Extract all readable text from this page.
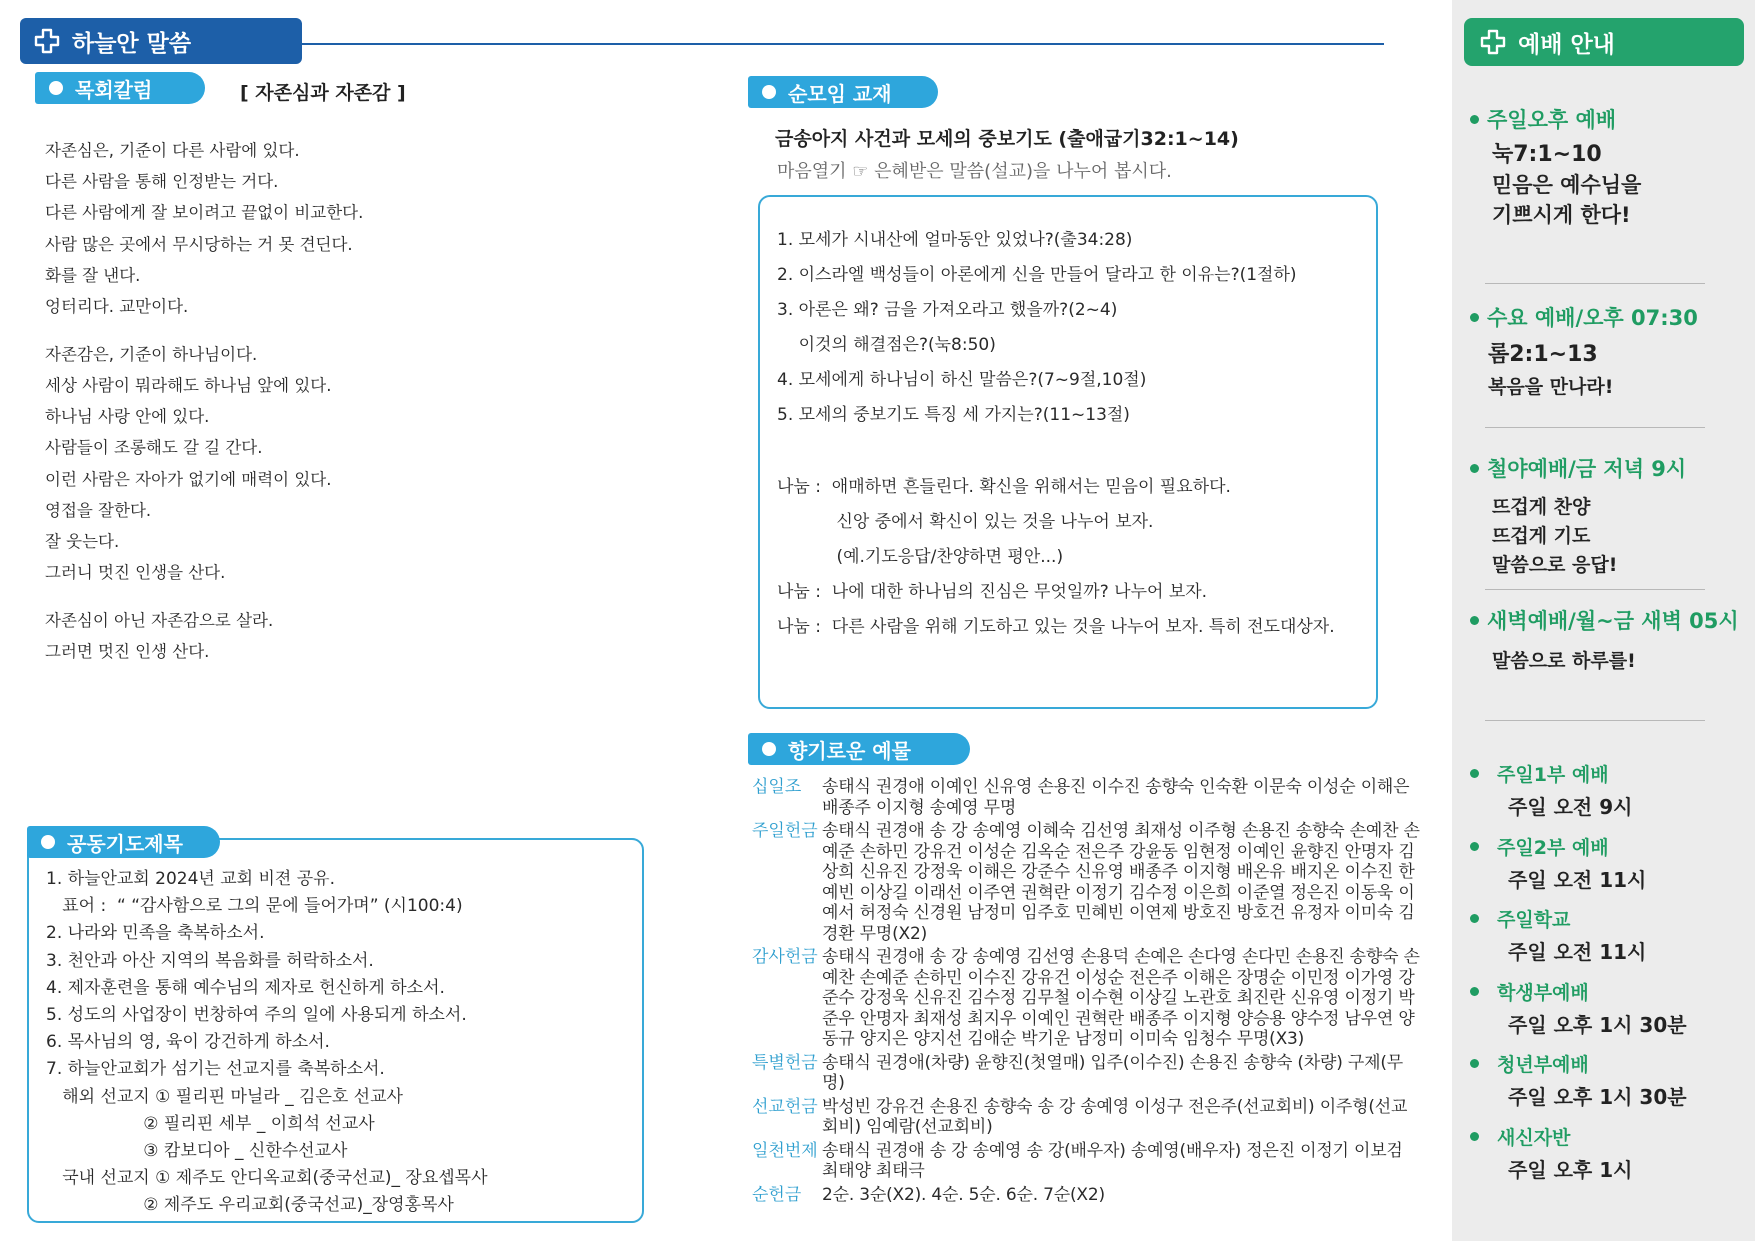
하늘안 말씀
목회칼럼	[ 자존심과 자존감 ]
자존심은, 기준이 다른 사람에 있다.
다른 사람을 통해 인정받는 거다.
다른 사람에게 잘 보이려고 끝없이 비교한다.
사람 많은 곳에서 무시당하는 거 못 견딘다.
화를 잘 낸다.
엉터리다. 교만이다.
자존감은, 기준이 하나님이다.
세상 사람이 뭐라해도 하나님 앞에 있다.
하나님 사랑 안에 있다.
사람들이 조롱해도 갈 길 간다.
이런 사람은 자아가 없기에 매력이 있다.
영접을 잘한다.
잘 웃는다.
그러니 멋진 인생을 산다.
자존심이 아닌 자존감으로 살라.
그러면 멋진 인생 산다.
공동기도제목
1. 하늘안교회 2024년 교회 비젼 공유.
표어 :  “ “감사함으로 그의 문에 들어가며” (시100:4)
2. 나라와 민족을 축복하소서.
3. 천안과 아산 지역의 복음화를 허락하소서.
4. 제자훈련을 통해 예수님의 제자로 헌신하게 하소서.
5. 성도의 사업장이 번창하여 주의 일에 사용되게 하소서.
6. 목사님의 영, 육이 강건하게 하소서.
7. 하늘안교회가 섬기는 선교지를 축복하소서.
해외 선교지 ① 필리핀 마닐라 _ 김은호 선교사
② 필리핀 세부 _ 이희석 선교사
③ 캄보디아 _ 신한수선교사
국내 선교지 ① 제주도 안디옥교회(중국선교)_ 장요셉목사
② 제주도 우리교회(중국선교)_장영홍목사
순모임 교재
금송아지 사건과 모세의 중보기도 (출애굽기32:1~14)
마음열기 ☞ 은혜받은 말씀(설교)을 나누어 봅시다.
1. 모세가 시내산에 얼마동안 있었나?(출34:28)
2. 이스라엘 백성들이 아론에게 신을 만들어 달라고 한 이유는?(1절하)
3. 아론은 왜? 금을 가져오라고 했을까?(2~4)
이것의 해결점은?(눅8:50)
4. 모세에게 하나님이 하신 말씀은?(7~9절,10절)
5. 모세의 중보기도 특징 세 가지는?(11~13절)
나눔 :  애매하면 흔들린다. 확신을 위해서는 믿음이 필요하다.
신앙 중에서 확신이 있는 것을 나누어 보자.
(예.기도응답/찬양하면 평안...)
나눔 :  나에 대한 하나님의 진심은 무엇일까? 나누어 보자.
나눔 :  다른 사람을 위해 기도하고 있는 것을 나누어 보자. 특히 전도대상자.
향기로운 예물
십일조	송태식 권경애 이예인 신유영 손용진 이수진 송향숙 인숙환 이문숙 이성순 이해은 배종주 이지형 송예영 무명
주일헌금 송태식 권경애 송 강 송예영 이혜숙 김선영 최재성 이주형 손용진 송향숙 손예찬 손예준 손하민 강유건 이성순 김옥순 전은주 강윤동 임현정 이예인 윤향진 안명자 김상희 신유진 강정욱 이해은 강준수 신유영 배종주 이지형 배온유 배지온 이수진 한예빈 이상길 이래선 이주연 권혁란 이정기 김수정 이은희 이준열 정은진 이동욱 이예서 허정숙 신경원 남정미 임주호 민혜빈 이연제 방호진 방호건 유정자 이미숙 김경환 무명(X2)
감사헌금 송태식 권경애 송 강 송예영 김선영 손용덕 손예은 손다영 손다민 손용진 송향숙 손예찬 손예준 손하민 이수진 강유건 이성순 전은주 이해은 장명순 이민정 이가영 강준수 강정욱 신유진 김수정 김무철 이수현 이상길 노관호 최진란 신유영 이정기 박준우 안명자 최재성 최지우 이예인 권혁란 배종주 이지형 양승용 양수정 남우연 양동규 양지은 양지선 김애순 박기운 남정미 이미숙 임청수 무명(X3)
특별헌금 송태식 권경애(차량) 윤향진(첫열매) 입주(이수진) 손용진 송향숙 (차량) 구제(무명)
선교헌금 박성빈 강유건 손용진 송향숙 송 강 송예영 이성구 전은주(선교회비) 이주형(선교회비) 임예람(선교회비)
일천번제 송태식 권경애 송 강 송예영 송 강(배우자) 송예영(배우자) 정은진 이정기 이보검 최태양 최태극
순헌금	2순. 3순(X2). 4순. 5순. 6순. 7순(X2)
예배 안내
주일오후 예배
눅7:1~10
믿음은 예수님을
기쁘시게 한다!
수요 예배/오후 07:30
롬2:1~13
복음을 만나라!
철야예배/금 저녁 9시
뜨겁게 찬양
뜨겁게 기도
말씀으로 응답!
새벽예배/월~금 새벽 05시
말씀으로 하루를!
주일1부 예배
주일 오전 9시
주일2부 예배
주일 오전 11시
주일학교
주일 오전 11시
학생부예배
주일 오후 1시 30분
청년부예배
주일 오후 1시 30분
새신자반
주일 오후 1시
